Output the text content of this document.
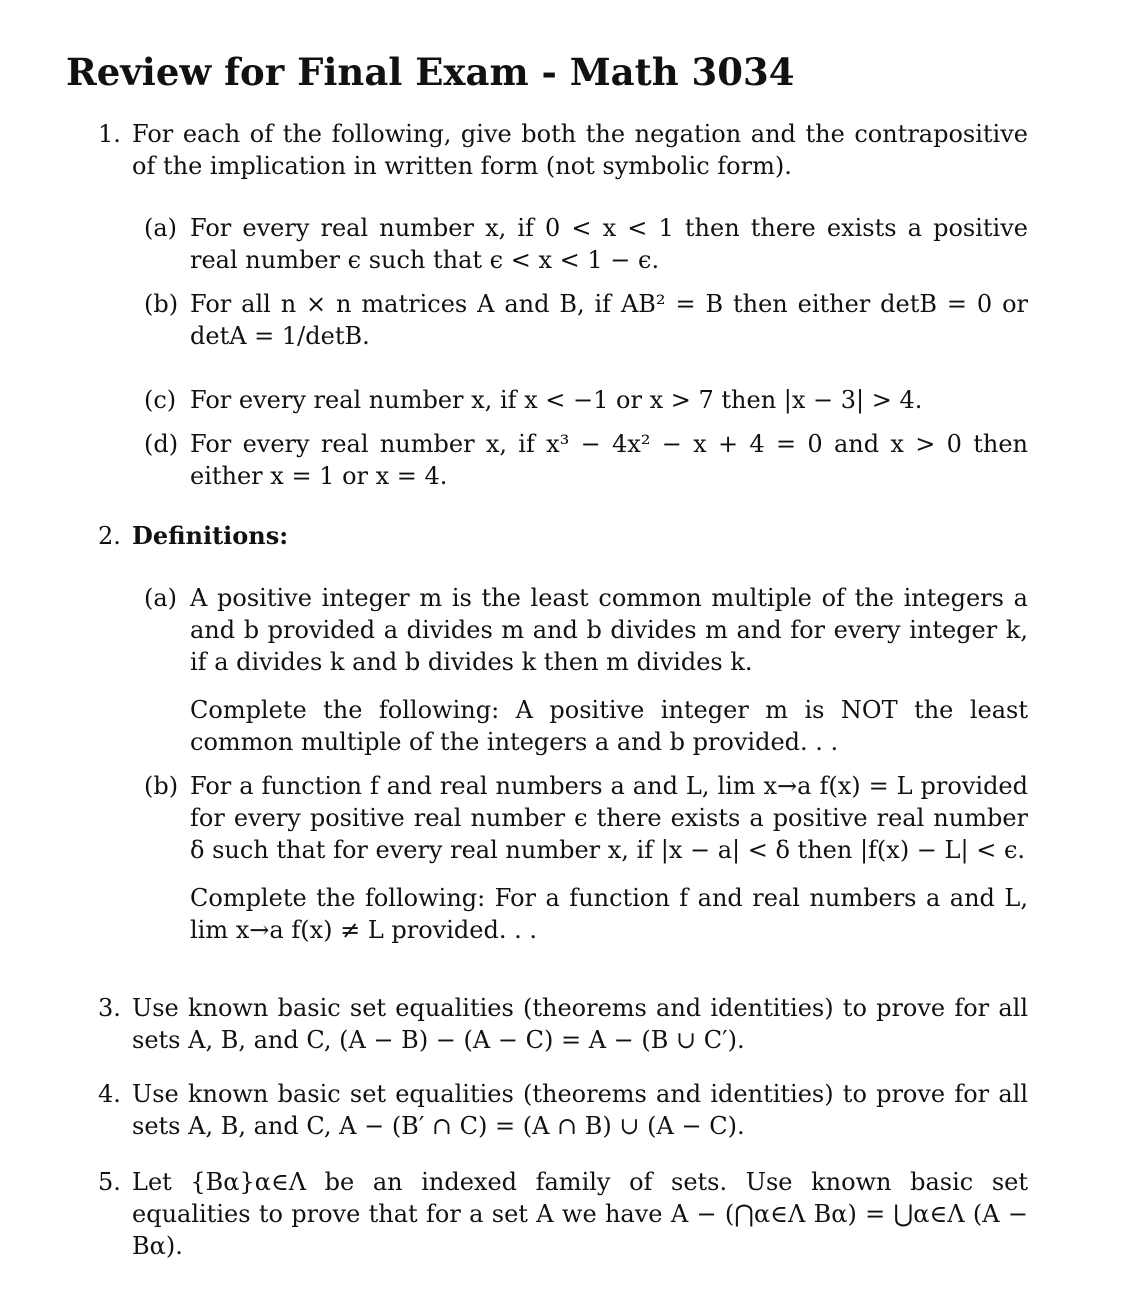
Review for Final Exam - Math 3034
1. For each of the following, give both the negation and the contrapositive of the implication in written form (not symbolic form).
(a) For every real number x, if 0 < x < 1 then there exists a positive real number ϵ such that ϵ < x < 1 − ϵ.
(b) For all n × n matrices A and B, if AB² = B then either detB = 0 or detA = 1/detB.
(c) For every real number x, if x < −1 or x > 7 then |x − 3| > 4.
(d) For every real number x, if x³ − 4x² − x + 4 = 0 and x > 0 then either x = 1 or x = 4.
2. Definitions:
(a) A positive integer m is the least common multiple of the integers a and b provided a divides m and b divides m and for every integer k, if a divides k and b divides k then m divides k.
Complete the following: A positive integer m is NOT the least common multiple of the integers a and b provided. . .
(b) For a function f and real numbers a and L, lim x→a f(x) = L provided for every positive real number ϵ there exists a positive real number δ such that for every real number x, if |x − a| < δ then |f(x) − L| < ϵ.
Complete the following: For a function f and real numbers a and L, lim x→a f(x) ≠ L provided. . .
3. Use known basic set equalities (theorems and identities) to prove for all sets A, B, and C, (A − B) − (A − C) = A − (B ∪ C′).
4. Use known basic set equalities (theorems and identities) to prove for all sets A, B, and C, A − (B′ ∩ C) = (A ∩ B) ∪ (A − C).
5. Let {Bα}α∈Λ be an indexed family of sets. Use known basic set equalities to prove that for a set A we have A − (⋂α∈Λ Bα) = ⋃α∈Λ (A − Bα).
